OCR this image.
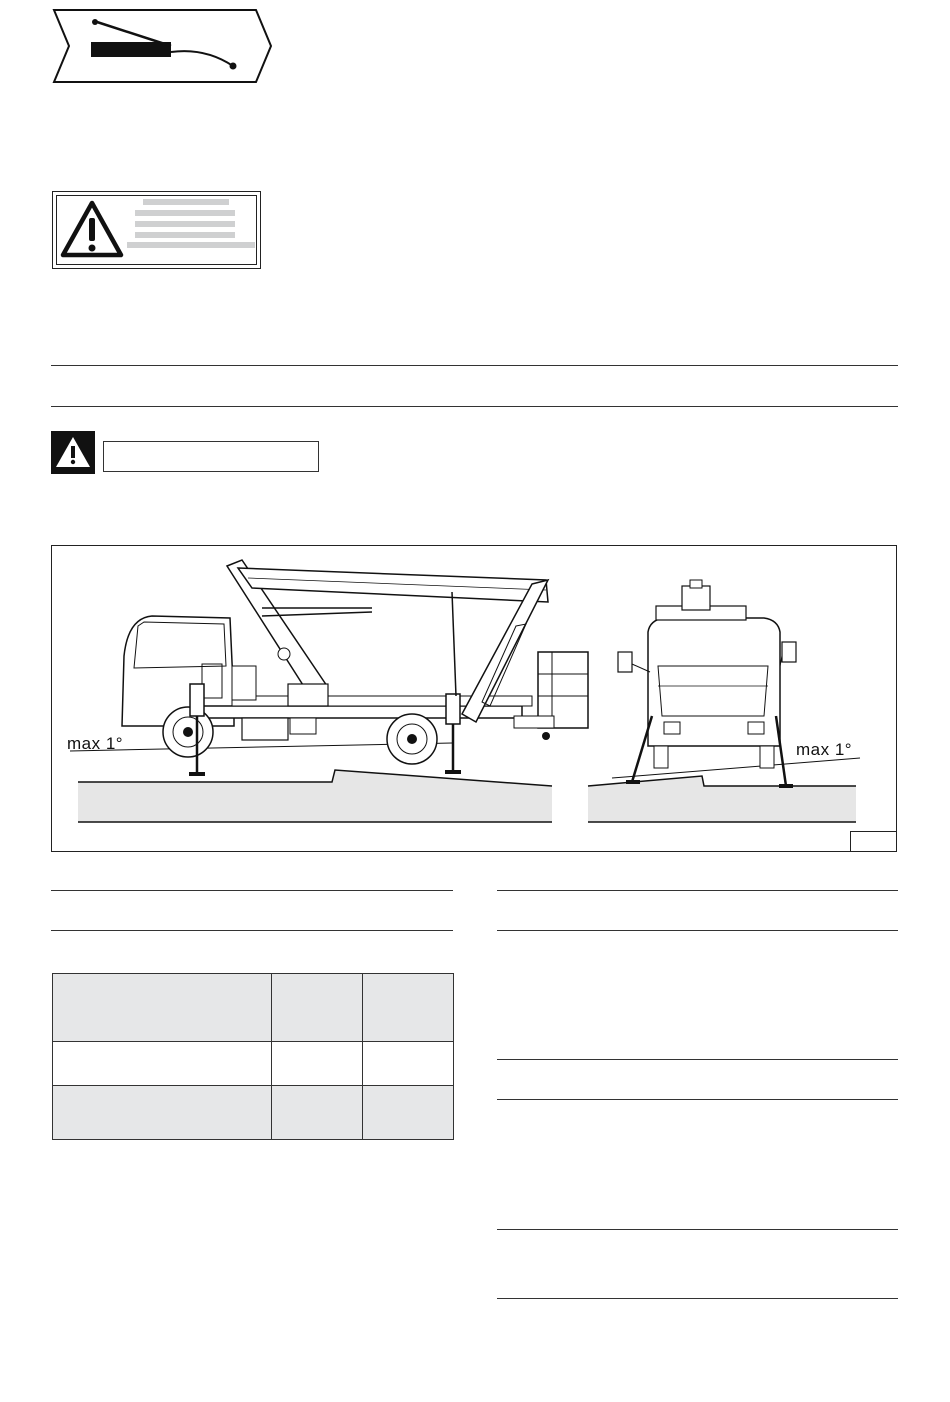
max 1°	max 1°
